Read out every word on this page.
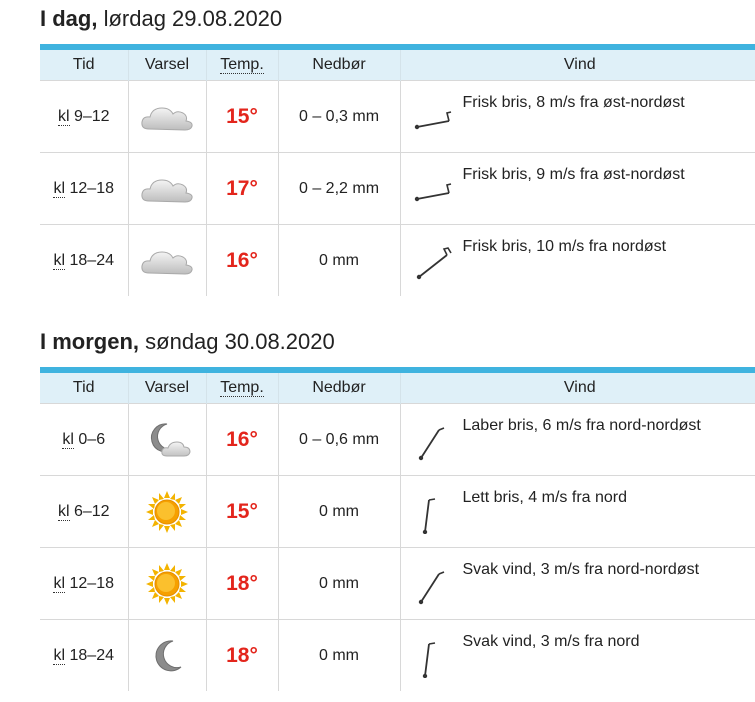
I dag, lørdag 29.08.2020
Tid	Varsel	Temp.	Nedbør	Vind
kl 9–12		15°	0 – 0,3 mm	Frisk bris, 8 m/s fra øst-nordøst

kl 12–18		17°	0 – 2,2 mm	Frisk bris, 9 m/s fra øst-nordøst

kl 18–24		16°	0 mm	Frisk bris, 10 m/s fra nordøst
I morgen, søndag 30.08.2020
Tid	Varsel	Temp.	Nedbør	Vind
kl 0–6		16°	0 – 0,6 mm	Laber bris, 6 m/s fra nord-nordøst

kl 6–12		15°	0 mm	Lett bris, 4 m/s fra nord

kl 12–18		18°	0 mm	Svak vind, 3 m/s fra nord-nordøst

kl 18–24		18°	0 mm	Svak vind, 3 m/s fra nord
